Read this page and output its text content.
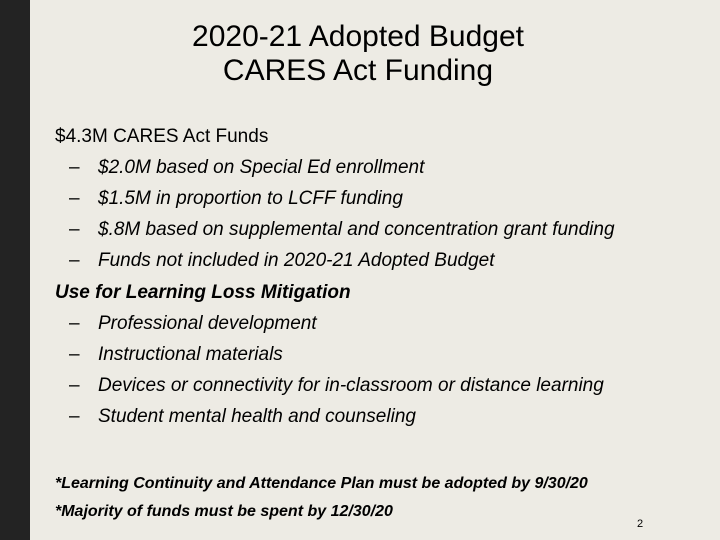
2020-21 Adopted Budget
CARES Act Funding
$4.3M CARES Act Funds
– $2.0M based on Special Ed enrollment
– $1.5M in proportion to LCFF funding
– $.8M based on supplemental and concentration grant funding
– Funds not included in 2020-21 Adopted Budget
Use for Learning Loss Mitigation
– Professional development
– Instructional materials
– Devices or connectivity for in-classroom or distance learning
– Student mental health and counseling
*Learning Continuity and Attendance Plan must be adopted by 9/30/20
*Majority of funds must be spent by 12/30/20
2
